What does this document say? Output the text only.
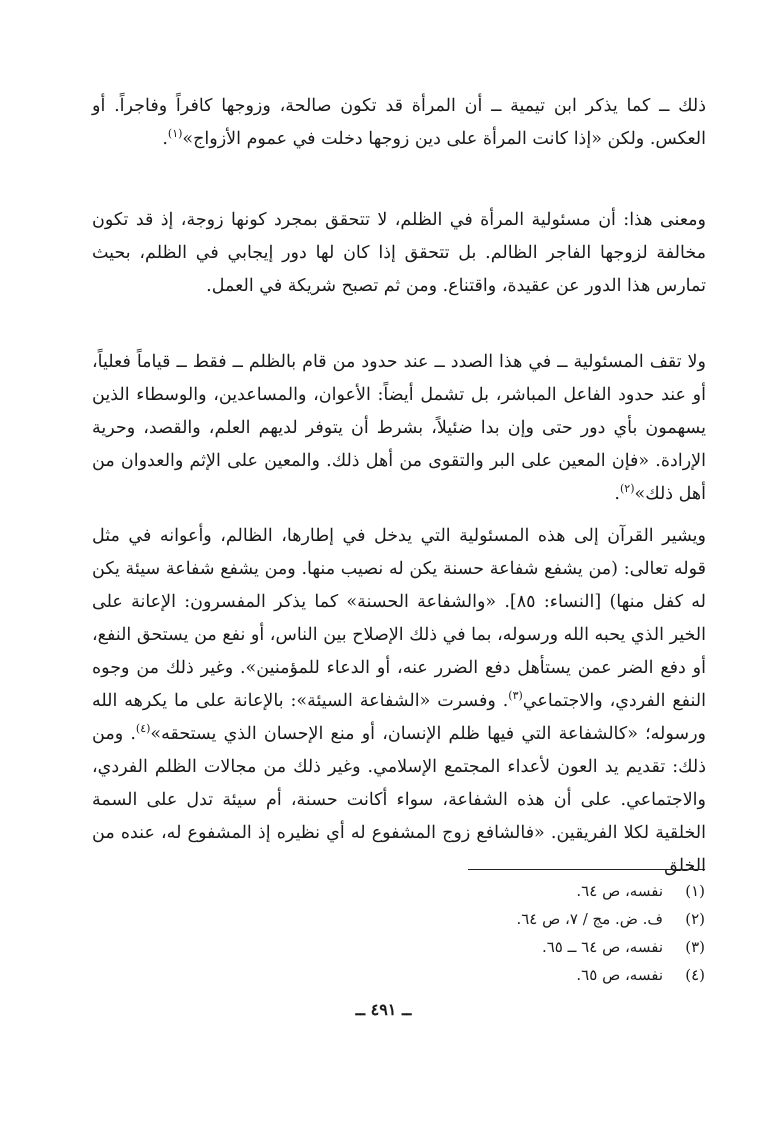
ذلك ــ كما يذكر ابن تيمية ــ أن المرأة قد تكون صالحة، وزوجها كافراً وفاجراً. أو العكس. ولكن «إذا كانت المرأة على دين زوجها دخلت في عموم الأزواج»$^{(١)}$.
ومعنى هذا: أن مسئولية المرأة في الظلم، لا تتحقق بمجرد كونها زوجة، إذ قد تكون مخالفة لزوجها الفاجر الظالم. بل تتحقق إذا كان لها دور إيجابي في الظلم، بحيث تمارس هذا الدور عن عقيدة، واقتناع. ومن ثم تصبح شريكة في العمل.
ولا تقف المسئولية ــ في هذا الصدد ــ عند حدود من قام بالظلم ــ فقط ــ قياماً فعلياً، أو عند حدود الفاعل المباشر، بل تشمل أيضاً: الأعوان، والمساعدين، والوسطاء الذين يسهمون بأي دور حتى وإن بدا ضئيلاً، بشرط أن يتوفر لديهم العلم، والقصد، وحرية الإرادة. «فإن المعين على البر والتقوى من أهل ذلك. والمعين على الإثم والعدوان من أهل ذلك»$^{(٢)}$.
ويشير القرآن إلى هذه المسئولية التي يدخل في إطارها، الظالم، وأعوانه في مثل قوله تعالى: (من يشفع شفاعة حسنة يكن له نصيب منها. ومن يشفع شفاعة سيئة يكن له كفل منها) [النساء: ٨٥]. «والشفاعة الحسنة» كما يذكر المفسرون: الإعانة على الخير الذي يحبه الله ورسوله، بما في ذلك الإصلاح بين الناس، أو نفع من يستحق النفع، أو دفع الضر عمن يستأهل دفع الضرر عنه، أو الدعاء للمؤمنين». وغير ذلك من وجوه النفع الفردي، والاجتماعي$^{(٣)}$. وفسرت «الشفاعة السيئة»: بالإعانة على ما يكرهه الله ورسوله؛ «كالشفاعة التي فيها ظلم الإنسان، أو منع الإحسان الذي يستحقه»$^{(٤)}$. ومن ذلك: تقديم يد العون لأعداء المجتمع الإسلامي. وغير ذلك من مجالات الظلم الفردي، والاجتماعي. على أن هذه الشفاعة، سواء أكانت حسنة، أم سيئة تدل على السمة الخلقية لكلا الفريقين. «فالشافع زوج المشفوع له أي نظيره إذ المشفوع له، عنده من الخلق
(١)نفسه، ص ٦٤.
(٢)ف. ض. مج / ٧، ص ٦٤.
(٣)نفسه، ص ٦٤ ــ ٦٥.
(٤)نفسه، ص ٦٥.
ــ ٤٩١ ــ
